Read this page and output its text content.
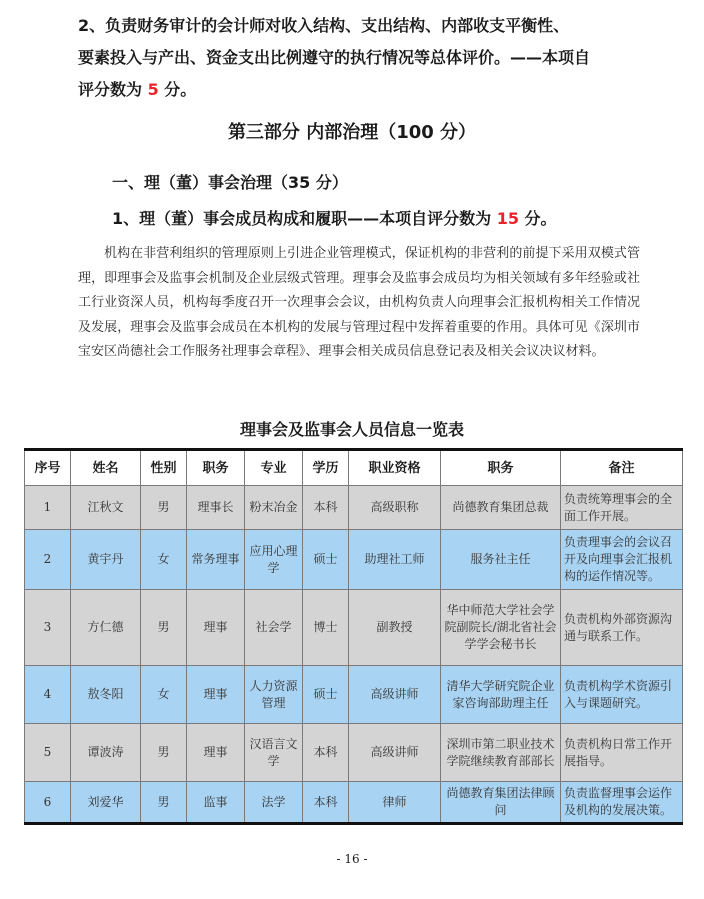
2、负责财务审计的会计师对收入结构、支出结构、内部收支平衡性、

要素投入与产出、资金支出比例遵守的执行情况等总体评价。——本项自

评分数为 5 分。

第三部分 内部治理（100 分）

一、理（董）事会治理（35 分）

1、理（董）事会成员构成和履职——本项自评分数为 15 分。

机构在非营利组织的管理原则上引进企业管理模式，保证机构的非营利的前提下采用双模式管理，即理事会及监事会机制及企业层级式管理。理事会及监事会成员均为相关领域有多年经验或社工行业资深人员，机构每季度召开一次理事会会议，由机构负责人向理事会汇报机构相关工作情况及发展，理事会及监事会成员在本机构的发展与管理过程中发挥着重要的作用。具体可见《深圳市宝安区尚德社会工作服务社理事会章程》、理事会相关成员信息登记表及相关会议决议材料。

理事会及监事会人员信息一览表

序号	姓名	性别	职务	专业	学历	职业资格	职务	备注
1	江秋文	男	理事长	粉末冶金	本科	高级职称	尚德教育集团总裁	负责统筹理事会的全面工作开展。
2	黄宇丹	女	常务理事	应用心理学	硕士	助理社工师	服务社主任	负责理事会的会议召开及向理事会汇报机构的运作情况等。
3	方仁德	男	理事	社会学	博士	副教授	华中师范大学社会学院副院长/湖北省社会学学会秘书长	负责机构外部资源沟通与联系工作。
4	敖冬阳	女	理事	人力资源管理	硕士	高级讲师	清华大学研究院企业家咨询部助理主任	负责机构学术资源引入与课题研究。
5	谭波涛	男	理事	汉语言文学	本科	高级讲师	深圳市第二职业技术学院继续教育部部长	负责机构日常工作开展指导。
6	刘爱华	男	监事	法学	本科	律师	尚德教育集团法律顾问	负责监督理事会运作及机构的发展决策。

- 16 -
